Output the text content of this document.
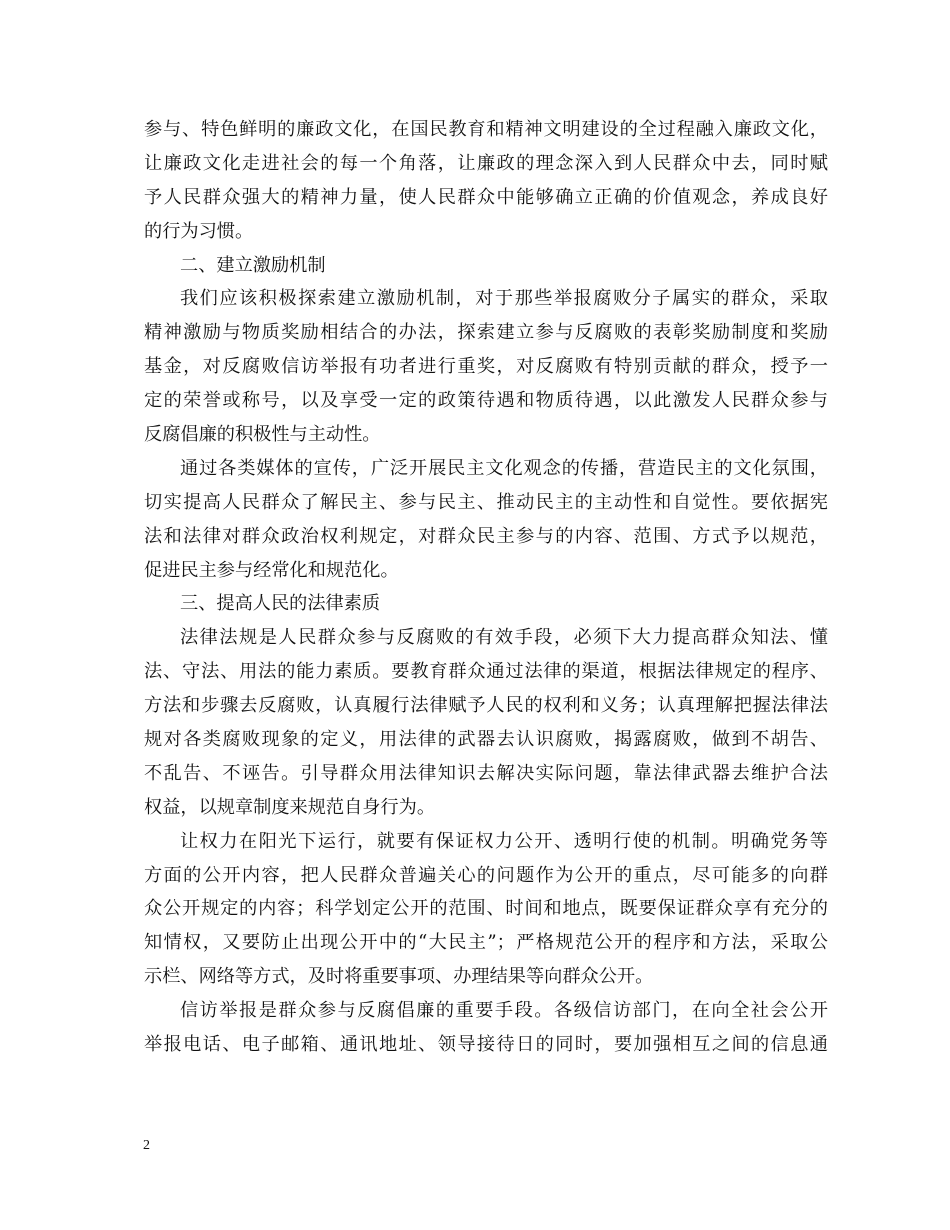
参与、特色鲜明的廉政文化，在国民教育和精神文明建设的全过程融入廉政文化，
让廉政文化走进社会的每一个角落，让廉政的理念深入到人民群众中去，同时赋
予人民群众强大的精神力量，使人民群众中能够确立正确的价值观念，养成良好
的行为习惯。
二、建立激励机制
我们应该积极探索建立激励机制，对于那些举报腐败分子属实的群众，采取
精神激励与物质奖励相结合的办法，探索建立参与反腐败的表彰奖励制度和奖励
基金，对反腐败信访举报有功者进行重奖，对反腐败有特别贡献的群众，授予一
定的荣誉或称号，以及享受一定的政策待遇和物质待遇，以此激发人民群众参与
反腐倡廉的积极性与主动性。
通过各类媒体的宣传，广泛开展民主文化观念的传播，营造民主的文化氛围，
切实提高人民群众了解民主、参与民主、推动民主的主动性和自觉性。要依据宪
法和法律对群众政治权利规定，对群众民主参与的内容、范围、方式予以规范，
促进民主参与经常化和规范化。
三、提高人民的法律素质
法律法规是人民群众参与反腐败的有效手段，必须下大力提高群众知法、懂
法、守法、用法的能力素质。要教育群众通过法律的渠道，根据法律规定的程序、
方法和步骤去反腐败，认真履行法律赋予人民的权利和义务；认真理解把握法律法
规对各类腐败现象的定义，用法律的武器去认识腐败，揭露腐败，做到不胡告、
不乱告、不诬告。引导群众用法律知识去解决实际问题，靠法律武器去维护合法
权益，以规章制度来规范自身行为。
让权力在阳光下运行，就要有保证权力公开、透明行使的机制。明确党务等
方面的公开内容，把人民群众普遍关心的问题作为公开的重点，尽可能多的向群
众公开规定的内容；科学划定公开的范围、时间和地点，既要保证群众享有充分的
知情权，又要防止出现公开中的“大民主”；严格规范公开的程序和方法，采取公
示栏、网络等方式，及时将重要事项、办理结果等向群众公开。
信访举报是群众参与反腐倡廉的重要手段。各级信访部门，在向全社会公开
举报电话、电子邮箱、通讯地址、领导接待日的同时，要加强相互之间的信息通
2
